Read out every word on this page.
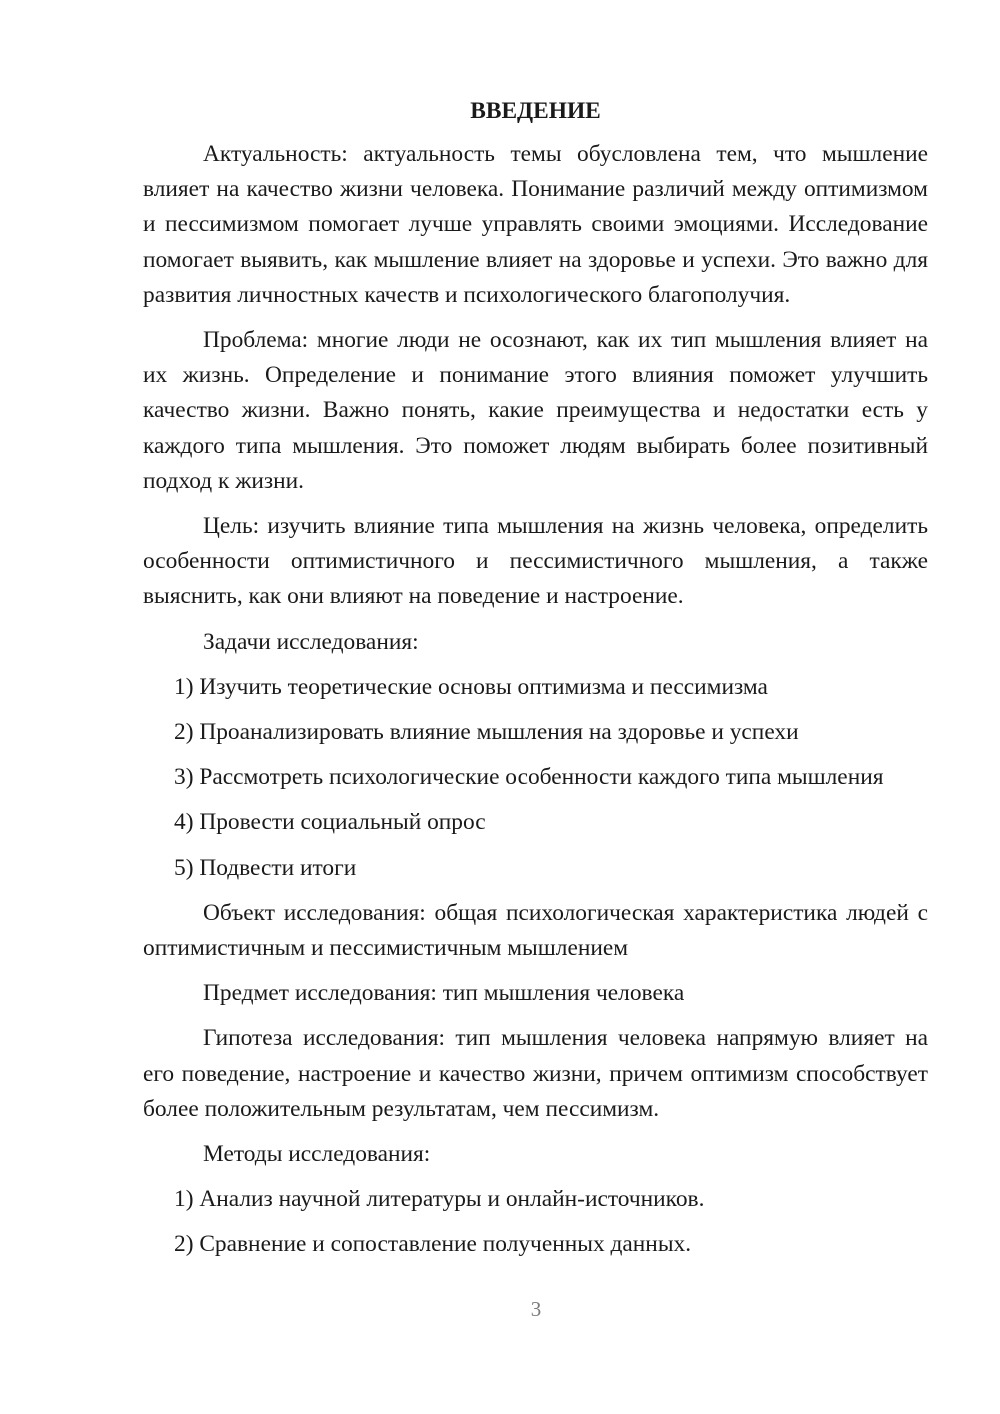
ВВЕДЕНИЕ

Актуальность: актуальность темы обусловлена тем, что мышление влияет на качество жизни человека. Понимание различий между оптимизмом и пессимизмом помогает лучше управлять своими эмоциями. Исследование помогает выявить, как мышление влияет на здоровье и успехи. Это важно для развития личностных качеств и психологического благополучия.

Проблема: многие люди не осознают, как их тип мышления влияет на их жизнь. Определение и понимание этого влияния поможет улучшить качество жизни. Важно понять, какие преимущества и недостатки есть у каждого типа мышления. Это поможет людям выбирать более позитивный подход к жизни.

Цель: изучить влияние типа мышления на жизнь человека, определить особенности оптимистичного и пессимистичного мышления, а также выяснить, как они влияют на поведение и настроение.

Задачи исследования:

1) Изучить теоретические основы оптимизма и пессимизма
2) Проанализировать влияние мышления на здоровье и успехи
3) Рассмотреть психологические особенности каждого типа мышления
4) Провести социальный опрос
5) Подвести итоги

Объект исследования: общая психологическая характеристика людей с оптимистичным и пессимистичным мышлением

Предмет исследования: тип мышления человека

Гипотеза исследования: тип мышления человека напрямую влияет на его поведение, настроение и качество жизни, причем оптимизм способствует более положительным результатам, чем пессимизм.

Методы исследования:

1) Анализ научной литературы и онлайн-источников.
2) Сравнение и сопоставление полученных данных.
3
